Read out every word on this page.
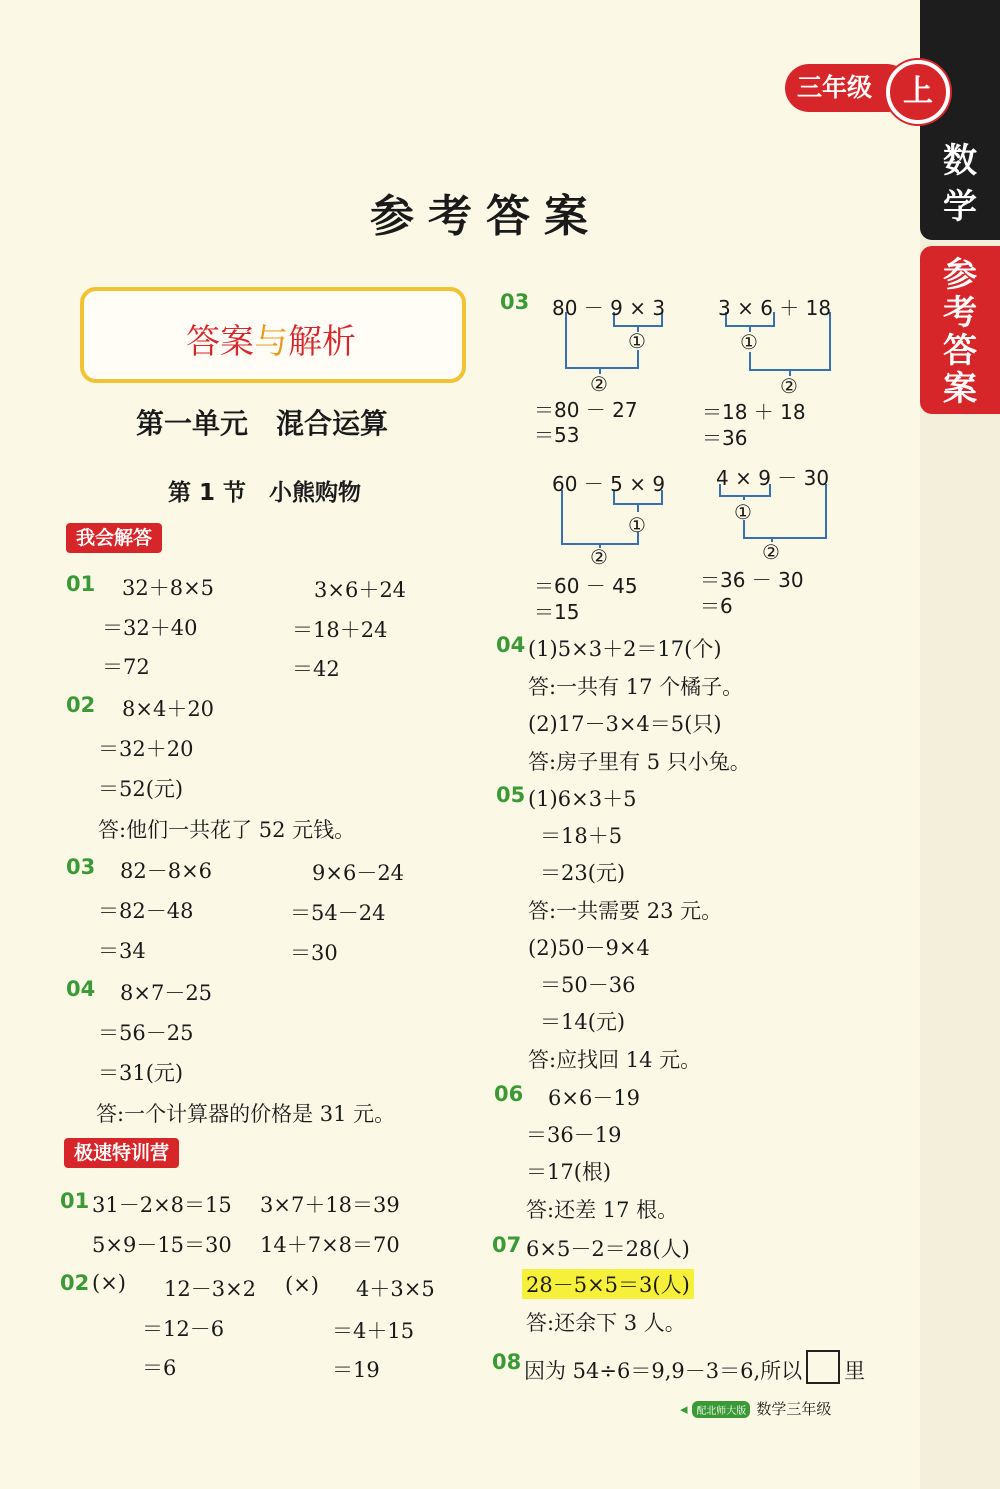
数
学
参
考
答
案
三年级	上
参考答案
答案与解析
第一单元　混合运算
第 1 节　小熊购物
我会解答
极速特训营
01 32＋8×5
＝32＋40
＝72
3×6＋24
＝18＋24
＝42
02 8×4＋20
＝32＋20
＝52(元)
答:他们一共花了 52 元钱。
03 82－8×6
＝82－48
＝34
9×6－24
＝54－24
＝30
04 8×7－25
＝56－25
＝31(元)
答:一个计算器的价格是 31 元。
01 31－2×8＝15 3×7＋18＝39
5×9－15＝30 14＋7×8＝70
02 (×) 12－3×2 (×) 4＋3×5
＝12－6	＝4＋15
＝6	＝19
03 80 － 9 × 3
①
②
＝80 － 27
＝53
3 × 6 ＋ 18
①
②
＝18 ＋ 18
＝36
60 － 5 × 9
①
②
＝60 － 45
＝15
4 × 9 － 30
①
②
＝36 － 30
＝6
04 (1)5×3＋2＝17(个)
答:一共有 17 个橘子。
(2)17－3×4＝5(只)
答:房子里有 5 只小兔。
05 (1)6×3＋5
＝18＋5
＝23(元)
答:一共需要 23 元。
(2)50－9×4
＝50－36
＝14(元)
答:应找回 14 元。
06 6×6－19
＝36－19
＝17(根)
答:还差 17 根。
07 6×5－2＝28(人)
28－5×5＝3(人)
答:还余下 3 人。
08 因为 54÷6＝9,9－3＝6,所以 里
◂ 配北师大版 数学三年级
